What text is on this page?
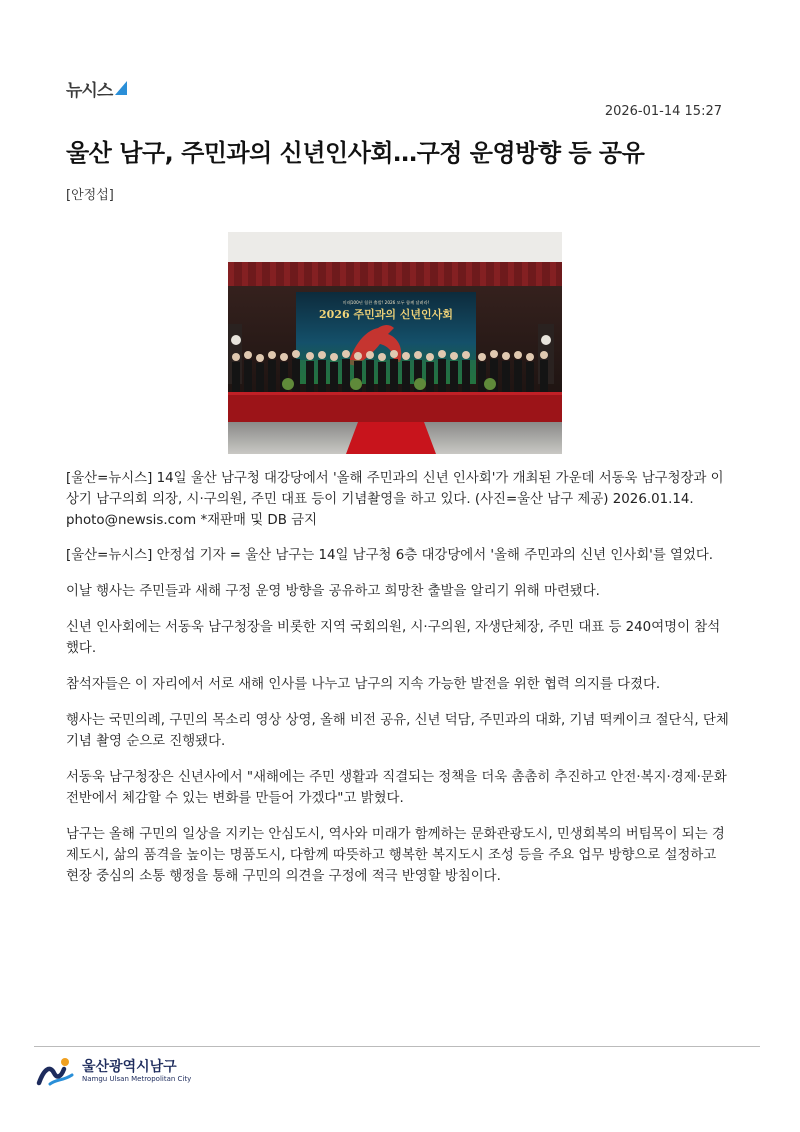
뉴시스
2026-01-14 15:27
울산 남구, 주민과의 신년인사회…구정 운영방향 등 공유
[안정섭]
미래100년 힘찬 출발! 2026 모두 함께 달려라!
2026 주민과의 신년인사회

[울산=뉴시스] 14일 울산 남구청 대강당에서 '올해 주민과의 신년 인사회'가 개최된 가운데 서동욱 남구청장과 이상기 남구의회 의장, 시·구의원, 주민 대표 등이 기념촬영을 하고 있다. (사진=울산 남구 제공) 2026.01.14. photo@newsis.com *재판매 및 DB 금지

[울산=뉴시스] 안정섭 기자 = 울산 남구는 14일 남구청 6층 대강당에서 '올해 주민과의 신년 인사회'를 열었다.

이날 행사는 주민들과 새해 구정 운영 방향을 공유하고 희망찬 출발을 알리기 위해 마련됐다.

신년 인사회에는 서동욱 남구청장을 비롯한 지역 국회의원, 시·구의원, 자생단체장, 주민 대표 등 240여명이 참석했다.

참석자들은 이 자리에서 서로 새해 인사를 나누고 남구의 지속 가능한 발전을 위한 협력 의지를 다졌다.

행사는 국민의례, 구민의 목소리 영상 상영, 올해 비전 공유, 신년 덕담, 주민과의 대화, 기념 떡케이크 절단식, 단체기념 촬영 순으로 진행됐다.

서동욱 남구청장은 신년사에서 "새해에는 주민 생활과 직결되는 정책을 더욱 촘촘히 추진하고 안전·복지·경제·문화 전반에서 체감할 수 있는 변화를 만들어 가겠다"고 밝혔다.

남구는 올해 구민의 일상을 지키는 안심도시, 역사와 미래가 함께하는 문화관광도시, 민생회복의 버팀목이 되는 경제도시, 삶의 품격을 높이는 명품도시, 다함께 따뜻하고 행복한 복지도시 조성 등을 주요 업무 방향으로 설정하고 현장 중심의 소통 행정을 통해 구민의 의견을 구정에 적극 반영할 방침이다.

울산광역시남구
Namgu Ulsan Metropolitan City
